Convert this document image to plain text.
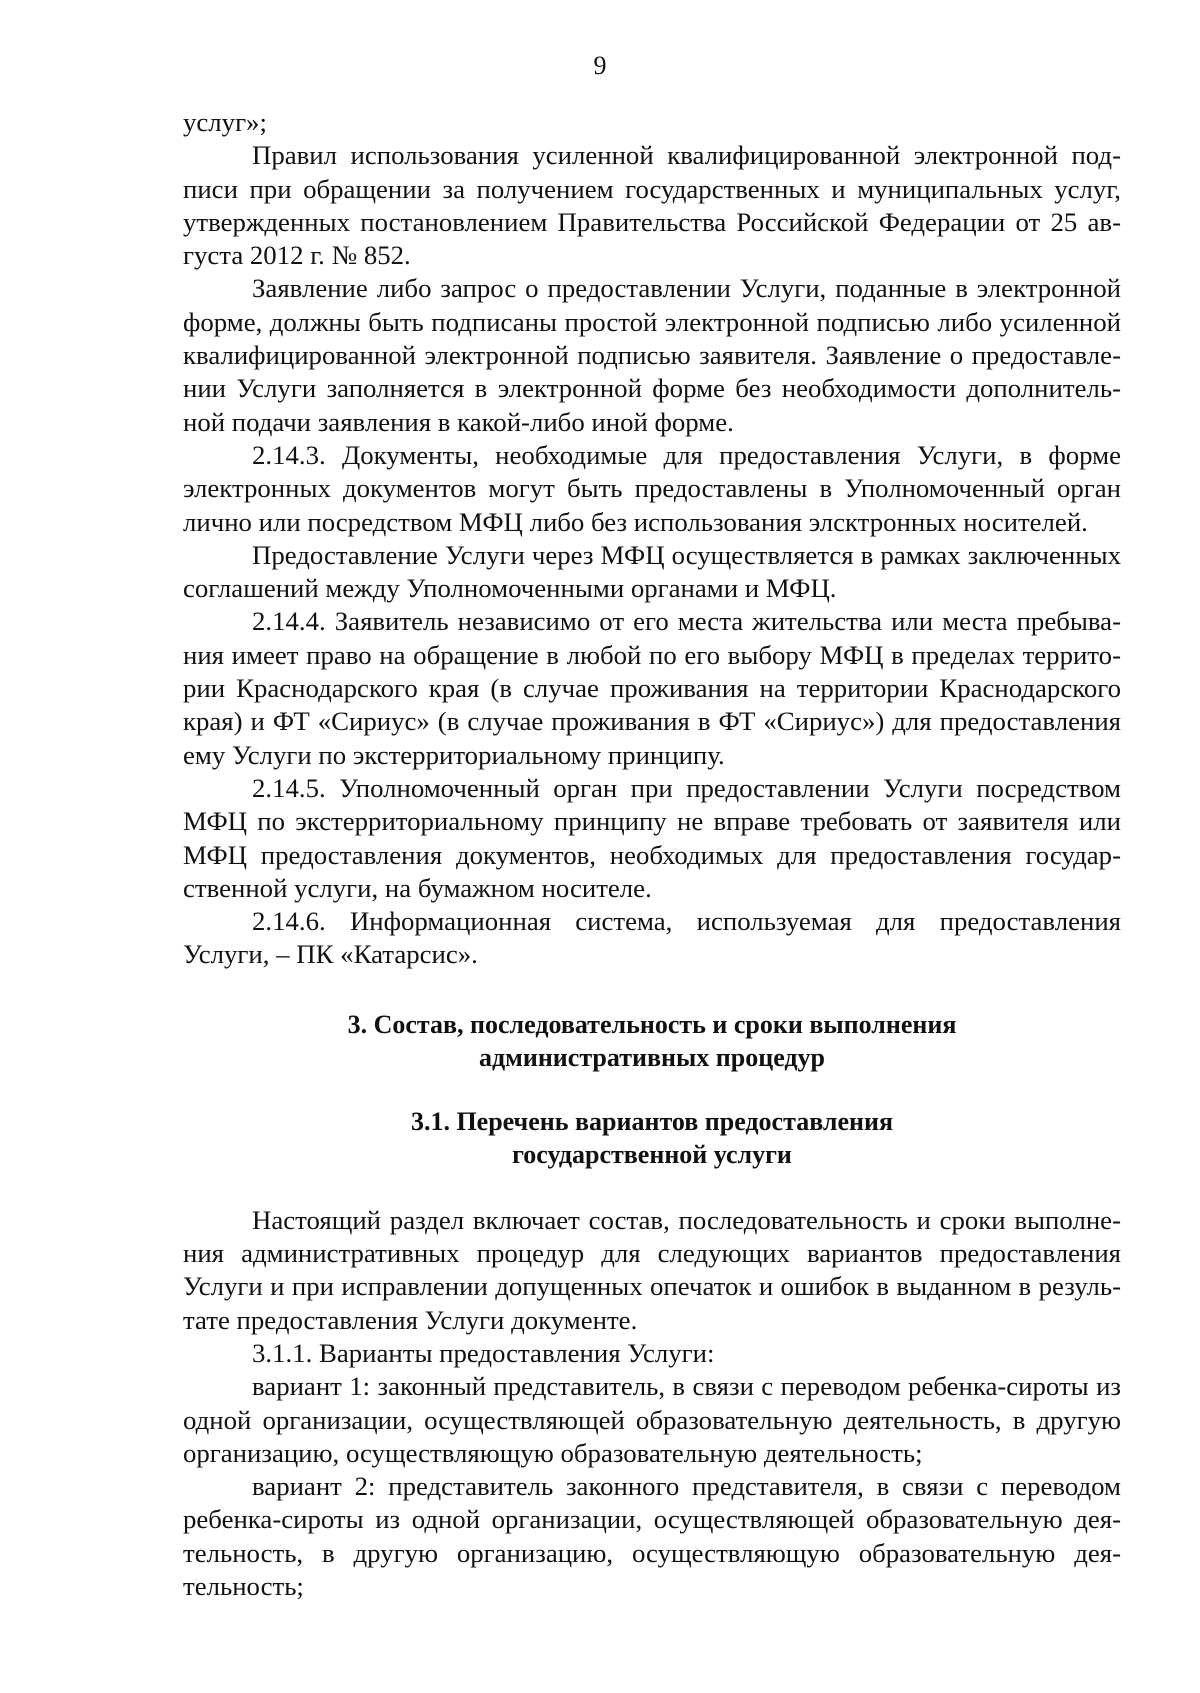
9

услуг»;

Правил использования усиленной квалифицированной электронной подписи при обращении за получением государственных и муниципальных услуг, утвержденных постановлением Правительства Российской Федерации от 25 августа 2012 г. № 852.

Заявление либо запрос о предоставлении Услуги, поданные в электронной форме, должны быть подписаны простой электронной подписью либо усиленной квалифицированной электронной подписью заявителя. Заявление о предоставлении Услуги заполняется в электронной форме без необходимости дополнительной подачи заявления в какой-либо иной форме.

2.14.3. Документы, необходимые для предоставления Услуги, в форме электронных документов могут быть предоставлены в Уполномоченный орган лично или посредством МФЦ либо без использования элсктронных носителей.

Предоставление Услуги через МФЦ осуществляется в рамках заключенных соглашений между Уполномоченными органами и МФЦ.

2.14.4. Заявитель независимо от его места жительства или места пребывания имеет право на обращение в любой по его выбору МФЦ в пределах территории Краснодарского края (в случае проживания на территории Краснодарского края) и ФТ «Сириус» (в случае проживания в ФТ «Сириус») для предоставления ему Услуги по экстерриториальному принципу.

2.14.5. Уполномоченный орган при предоставлении Услуги посредством МФЦ по экстерриториальному принципу не вправе требовать от заявителя или МФЦ предоставления документов, необходимых для предоставления государственной услуги, на бумажном носителе.

2.14.6. Информационная система, используемая для предоставления Услуги, – ПК «Катарсис».

3. Состав, последовательность и сроки выполнения

административных процедур

3.1. Перечень вариантов предоставления

государственной услуги

Настоящий раздел включает состав, последовательность и сроки выполнения административных процедур для следующих вариантов предоставления Услуги и при исправлении допущенных опечаток и ошибок в выданном в результате предоставления Услуги документе.

3.1.1. Варианты предоставления Услуги:

вариант 1: законный представитель, в связи с переводом ребенка-сироты из одной организации, осуществляющей образовательную деятельность, в другую организацию, осуществляющую образовательную деятельность;

вариант 2: представитель законного представителя, в связи с переводом ребенка-сироты из одной организации, осуществляющей образовательную деятельность, в другую организацию, осуществляющую образовательную деятельность;
